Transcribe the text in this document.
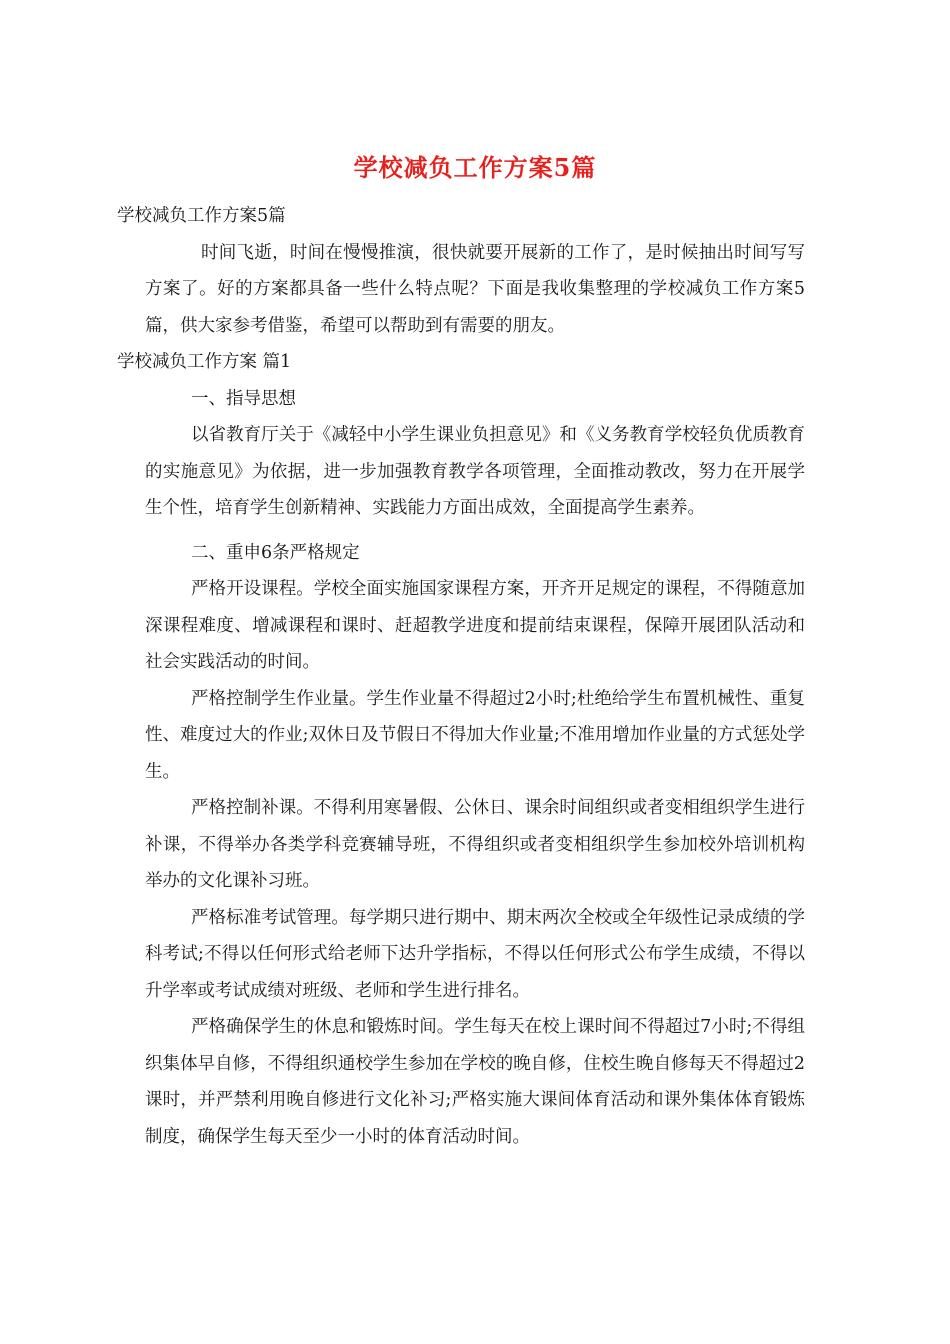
学校减负工作方案5篇

学校减负工作方案5篇

时间飞逝，时间在慢慢推演，很快就要开展新的工作了，是时候抽出时间写写方案了。好的方案都具备一些什么特点呢？下面是我收集整理的学校减负工作方案5篇，供大家参考借鉴，希望可以帮助到有需要的朋友。

学校减负工作方案 篇1

一、指导思想

以省教育厅关于《减轻中小学生课业负担意见》和《义务教育学校轻负优质教育的实施意见》为依据，进一步加强教育教学各项管理，全面推动教改，努力在开展学生个性，培育学生创新精神、实践能力方面出成效，全面提高学生素养。

二、重申6条严格规定

严格开设课程。学校全面实施国家课程方案，开齐开足规定的课程，不得随意加深课程难度、增减课程和课时、赶超教学进度和提前结束课程，保障开展团队活动和社会实践活动的时间。

严格控制学生作业量。学生作业量不得超过2小时;杜绝给学生布置机械性、重复性、难度过大的作业;双休日及节假日不得加大作业量;不准用增加作业量的方式惩处学生。

严格控制补课。不得利用寒暑假、公休日、课余时间组织或者变相组织学生进行补课，不得举办各类学科竞赛辅导班，不得组织或者变相组织学生参加校外培训机构举办的文化课补习班。

严格标准考试管理。每学期只进行期中、期末两次全校或全年级性记录成绩的学科考试;不得以任何形式给老师下达升学指标，不得以任何形式公布学生成绩，不得以升学率或考试成绩对班级、老师和学生进行排名。

严格确保学生的休息和锻炼时间。学生每天在校上课时间不得超过7小时;不得组织集体早自修，不得组织通校学生参加在学校的晚自修，住校生晚自修每天不得超过2课时，并严禁利用晚自修进行文化补习;严格实施大课间体育活动和课外集体体育锻炼制度，确保学生每天至少一小时的体育活动时间。
